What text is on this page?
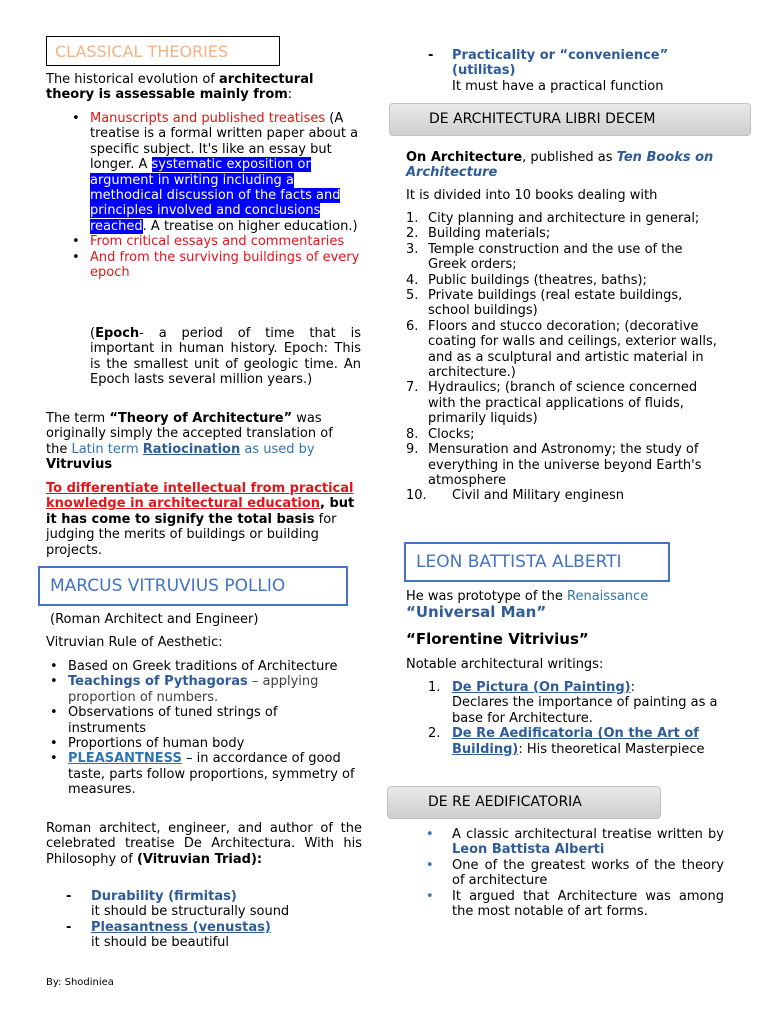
CLASSICAL THEORIES
The historical evolution of architectural theory is assessable mainly from:
• Manuscripts and published treatises (A treatise is a formal written paper about a specific subject. It's like an essay but longer. A systematic exposition or argument in writing including a methodical discussion of the facts and principles involved and conclusions reached. A treatise on higher education.)
• From critical essays and commentaries
• And from the surviving buildings of every epoch
(Epoch- a period of time that is important in human history. Epoch: This is the smallest unit of geologic time. An Epoch lasts several million years.)
The term “Theory of Architecture” was originally simply the accepted translation of the Latin term Ratiocination as used by Vitruvius
To differentiate intellectual from practical knowledge in architectural education, but it has come to signify the total basis for judging the merits of buildings or building projects.
MARCUS VITRUVIUS POLLIO
(Roman Architect and Engineer)
Vitruvian Rule of Aesthetic:
• Based on Greek traditions of Architecture
• Teachings of Pythagoras – applying proportion of numbers.
• Observations of tuned strings of instruments
• Proportions of human body
• PLEASANTNESS – in accordance of good taste, parts follow proportions, symmetry of measures.
Roman architect, engineer, and author of the celebrated treatise De Architectura. With his Philosophy of (Vitruvian Triad):
- Durability (firmitas)
it should be structurally sound
- Pleasantness (venustas)
it should be beautiful
By: Shodiniea
- Practicality or “convenience” (utilitas)
It must have a practical function
DE ARCHITECTURA LIBRI DECEM
On Architecture, published as Ten Books on Architecture
It is divided into 10 books dealing with
1. City planning and architecture in general;
2. Building materials;
3. Temple construction and the use of the Greek orders;
4. Public buildings (theatres, baths);
5. Private buildings (real estate buildings, school buildings)
6. Floors and stucco decoration; (decorative coating for walls and ceilings, exterior walls, and as a sculptural and artistic material in architecture.)
7. Hydraulics; (branch of science concerned with the practical applications of fluids, primarily liquids)
8. Clocks;
9. Mensuration and Astronomy; the study of everything in the universe beyond Earth's atmosphere
10. Civil and Military enginesn
LEON BATTISTA ALBERTI
He was prototype of the Renaissance
“Universal Man”
“Florentine Vitrivius”
Notable architectural writings:
1. De Pictura (On Painting):
Declares the importance of painting as a base for Architecture.
2. De Re Aedificatoria (On the Art of Building): His theoretical Masterpiece
DE RE AEDIFICATORIA
• A classic architectural treatise written by Leon Battista Alberti
• One of the greatest works of the theory of architecture
• It argued that Architecture was among the most notable of art forms.
